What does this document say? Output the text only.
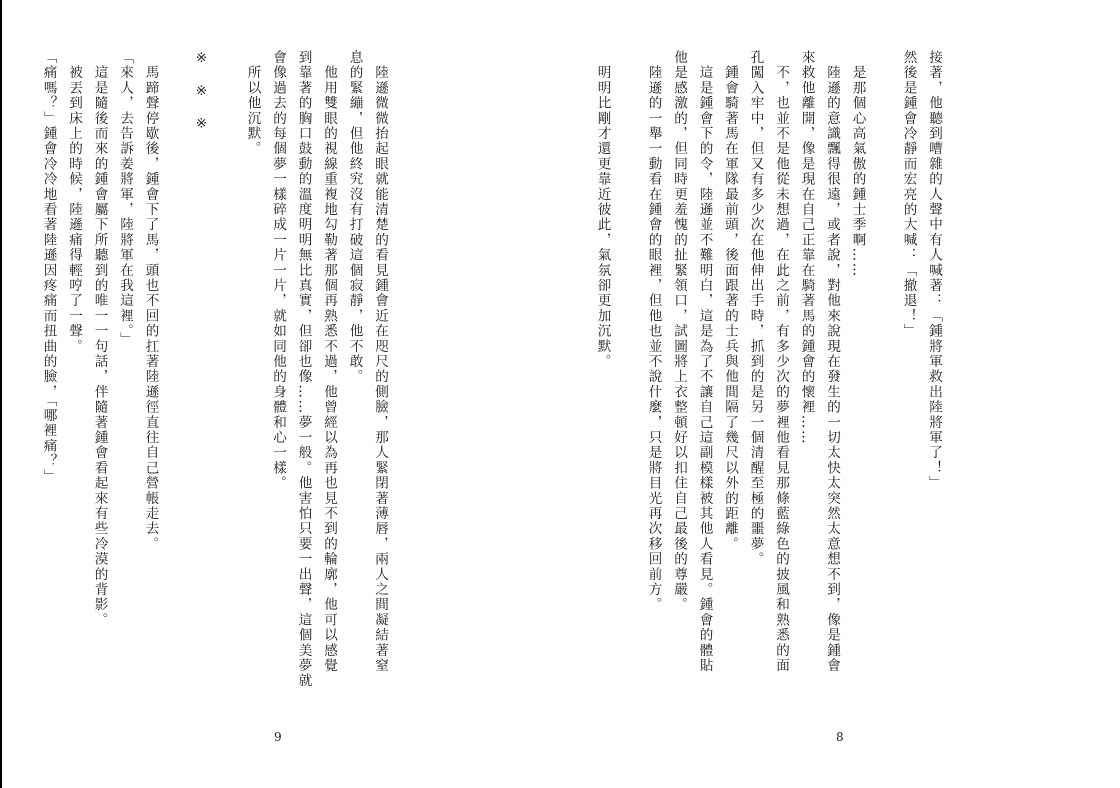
　陸遜微微抬起眼就能清楚的看見鍾會近在咫尺的側臉，那人緊閉著薄唇，兩人之間凝結著窒
息的緊繃，但他終究沒有打破這個寂靜，他不敢。
　他用雙眼的視線重複地勾勒著那個再熟悉不過，他曾經以為再也見不到的輪廓，他可以感覺
到靠著的胸口鼓動的溫度明明無比真實，但卻也像……夢一般。他害怕只要一出聲，這個美夢就
會像過去的每個夢一樣碎成一片一片，就如同他的身體和心一樣。
　所以他沉默。

※　※　※

　馬蹄聲停歇後，鍾會下了馬，頭也不回的扛著陸遜徑直往自己營帳走去。
「來人，去告訴姜將軍，陸將軍在我這裡。」
　這是隨後而來的鍾會屬下所聽到的唯一一句話，伴隨著鍾會看起來有些冷漠的背影。
　被丟到床上的時候，陸遜痛得輕哼了一聲。
「痛嗎？」鍾會冷冷地看著陸遜因疼痛而扭曲的臉，「哪裡痛？」
9
接著，他聽到嘈雜的人聲中有人喊著：「鍾將軍救出陸將軍了！」
然後是鍾會冷靜而宏亮的大喊：「撤退！」

　是那個心高氣傲的鍾士季啊……
　陸遜的意識飄得很遠，或者說，對他來說現在發生的一切太快太突然太意想不到，像是鍾會
來救他離開，像是現在自己正靠在騎著馬的鍾會的懷裡……
　不，也並不是他從未想過，在此之前，有多少次的夢裡他看見那條藍綠色的披風和熟悉的面
孔闖入牢中，但又有多少次在他伸出手時，抓到的是另一個清醒至極的噩夢。
　鍾會騎著馬在軍隊最前頭，後面跟著的士兵與他間隔了幾尺以外的距離。
　這是鍾會下的令，陸遜並不難明白，這是為了不讓自己這副模樣被其他人看見。鍾會的體貼
他是感激的，但同時更羞愧的扯緊領口，試圖將上衣整頓好以扣住自己最後的尊嚴。
　陸遜的一舉一動看在鍾會的眼裡，但他也並不說什麼，只是將目光再次移回前方。

　明明比剛才還更靠近彼此，氣氛卻更加沉默。
8
